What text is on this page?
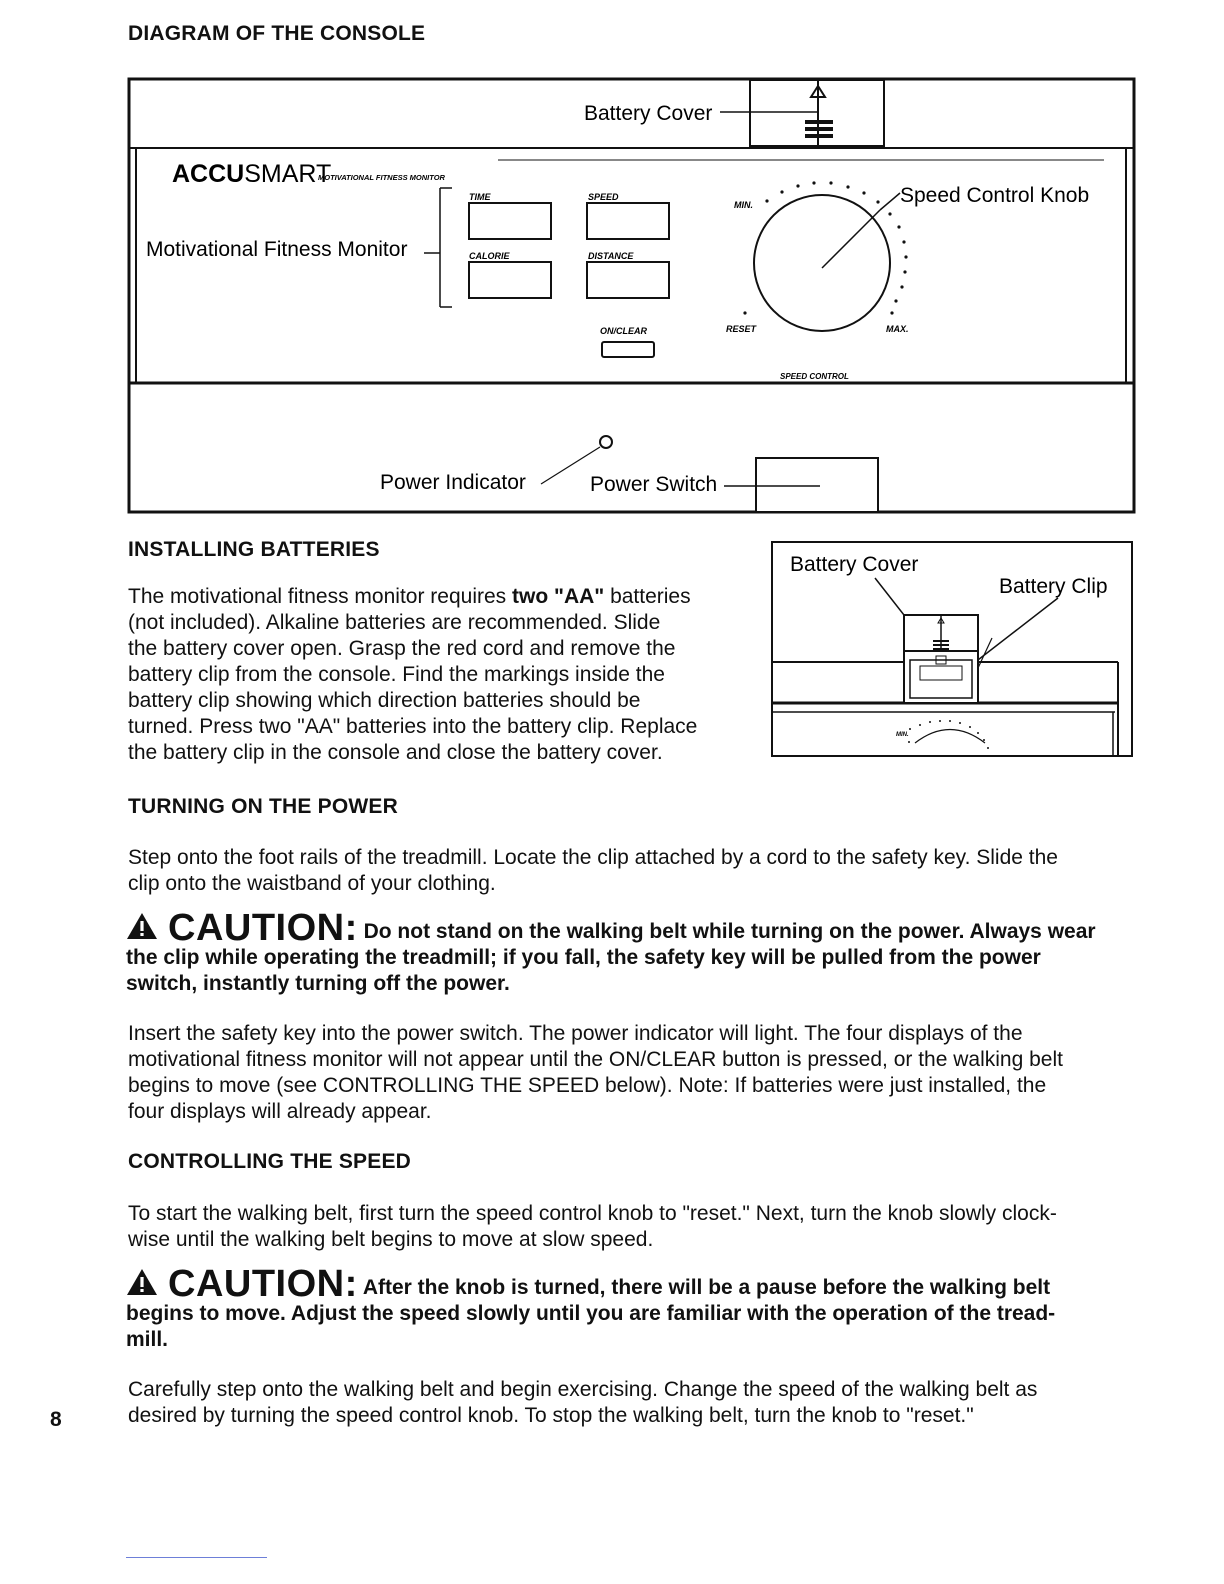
DIAGRAM OF THE CONSOLE
Battery Cover
ACCUSMART
MOTIVATIONAL FITNESS MONITOR
Motivational Fitness Monitor
TIME	SPEED
CALORIE	DISTANCE
ON/CLEAR
MIN.
MAX.
RESET
SPEED CONTROL
Speed Control Knob
Power Indicator	Power Switch
INSTALLING BATTERIES
The motivational fitness monitor requires two "AA" batteries
(not included). Alkaline batteries are recommended. Slide
the battery cover open. Grasp the red cord and remove the
battery clip from the console. Find the markings inside the
battery clip showing which direction batteries should be
turned. Press two "AA" batteries into the battery clip. Replace
the battery clip in the console and close the battery cover.
Battery Cover
Battery Clip
MIN.
TURNING ON THE POWER
Step onto the foot rails of the treadmill. Locate the clip attached by a cord to the safety key. Slide the
clip onto the waistband of your clothing.
CAUTION: Do not stand on the walking belt while turning on the power. Always wear
the clip while operating the treadmill; if you fall, the safety key will be pulled from the power
switch, instantly turning off the power.
Insert the safety key into the power switch. The power indicator will light. The four displays of the
motivational fitness monitor will not appear until the ON/CLEAR button is pressed, or the walking belt
begins to move (see CONTROLLING THE SPEED below). Note: If batteries were just installed, the
four displays will already appear.
CONTROLLING THE SPEED
To start the walking belt, first turn the speed control knob to "reset." Next, turn the knob slowly clock-
wise until the walking belt begins to move at slow speed.
CAUTION: After the knob is turned, there will be a pause before the walking belt
begins to move. Adjust the speed slowly until you are familiar with the operation of the tread-
mill.
Carefully step onto the walking belt and begin exercising. Change the speed of the walking belt as
desired by turning the speed control knob. To stop the walking belt, turn the knob to "reset."
8
